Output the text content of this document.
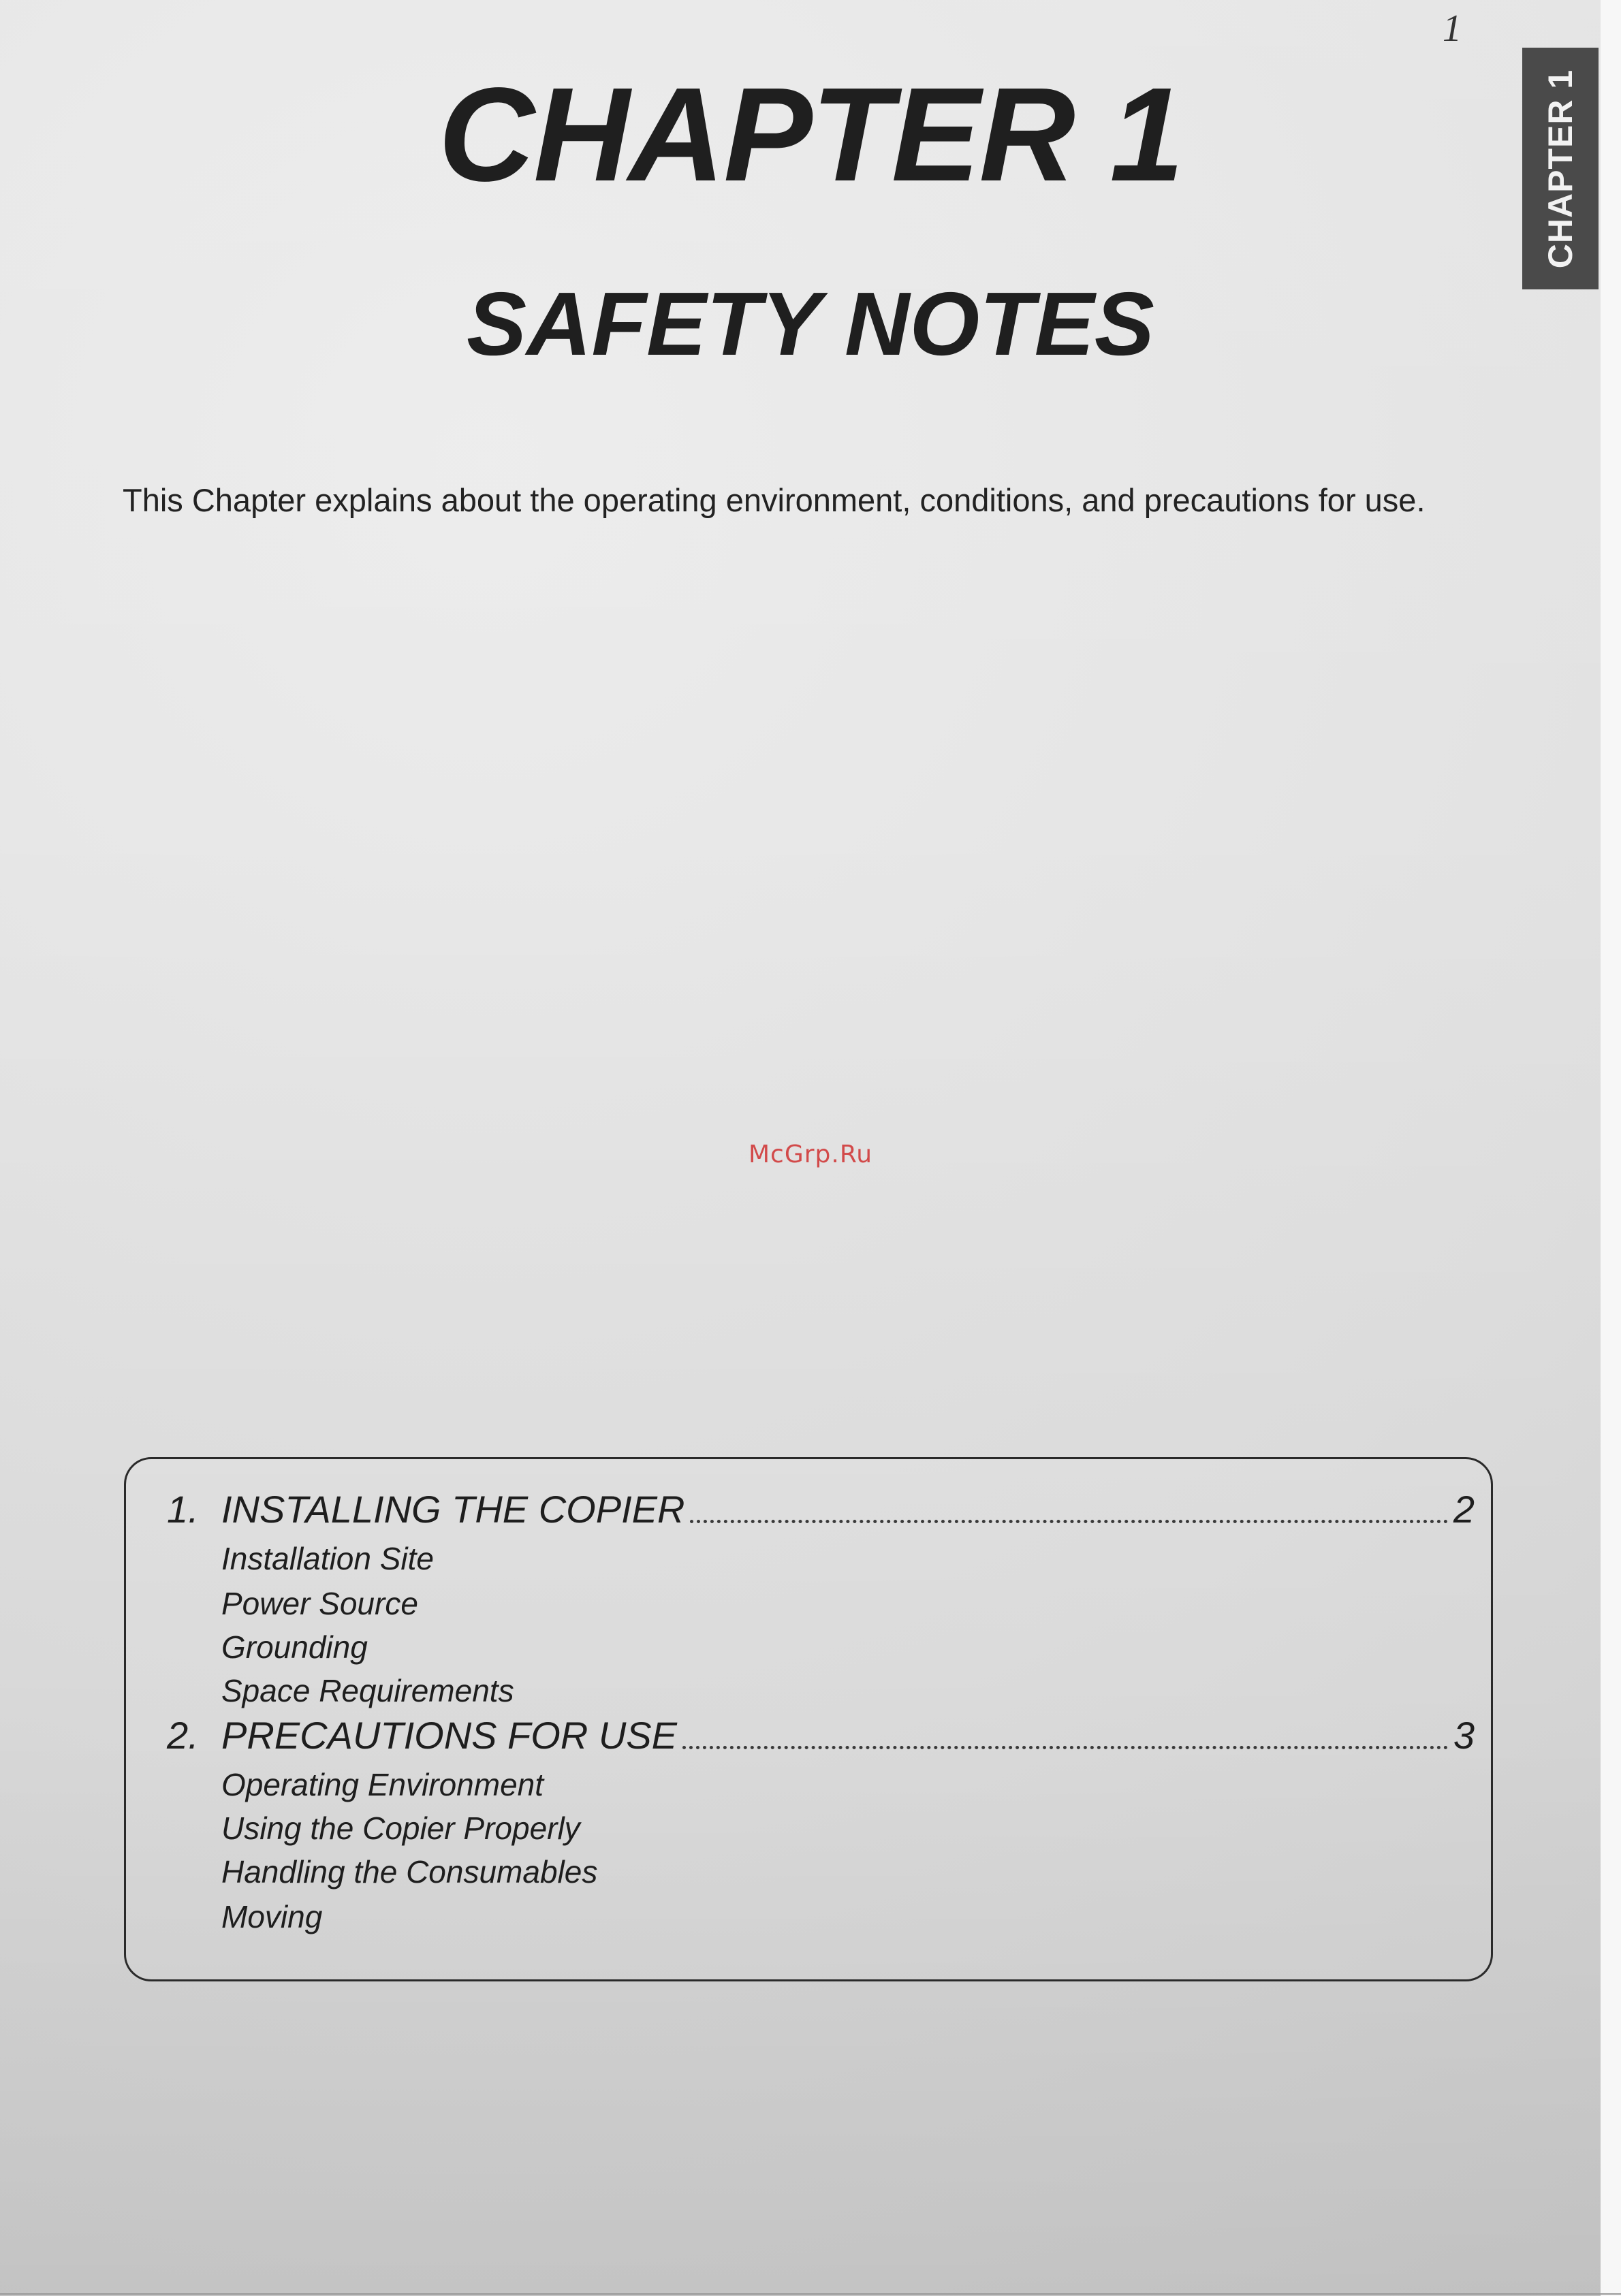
1
CHAPTER 1
CHAPTER 1
SAFETY NOTES

This Chapter explains about the operating environment, conditions, and precautions for use.

McGrp.Ru
1. INSTALLING THE COPIER	2
Installation Site
Power Source
Grounding
Space Requirements
2. PRECAUTIONS FOR USE	3
Operating Environment
Using the Copier Properly
Handling the Consumables
Moving
